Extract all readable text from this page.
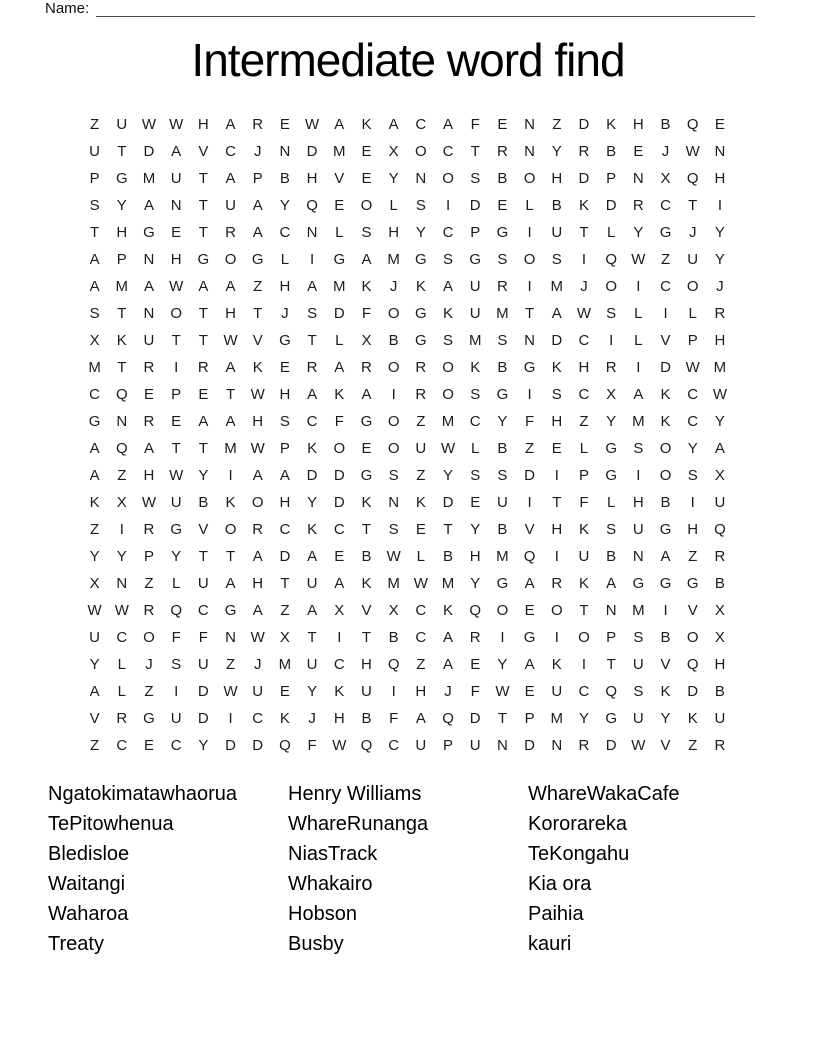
Name:
Intermediate word find
Z	U W W H	A	R	E	W	A	K	A	C	A	F	E	N	Z	D	K	H	B	Q	E
U	T	D	A	V	C	J	N	D	M	E	X	O	C	T	R	N	Y	R	B	E	J	W N
P	G	M	U	T	A	P	B	H	V	E	Y	N	O	S	B	O	H	D	P	N	X	Q	H
S	Y	A	N	T	U	A	Y	Q	E	O	L	S	I	D	E	L	B	K	D	R	C	T	I
T	H	G	E	T	R	A	C	N	L	S	H	Y	C	P	G	I	U	T	L	Y	G	J	Y
A	P	N	H	G	O	G	L	I	G	A	M	G	S	G	S	O	S	I	Q W	Z	U	Y
A	M	A	W	A	A	Z	H	A	M	K	J	K	A	U	R	I	M	J	O	I	C	O	J
S	T	N	O	T	H	T	J	S	D	F	O	G	K	U	M	T	A	W	S	L	I	L	R
X	K	U	T	T	W	V	G	T	L	X	B	G	S	M	S	N	D	C	I	L	V	P	H
M	T	R	I	R	A	K	E	R	A	R	O	R	O	K	B	G	K	H	R	I	D W M
C	Q	E	P	E	T	W H	A	K	A	I	R	O	S	G	I	S	C	X	A	K	C W
G	N	R	E	A	A	H	S	C	F	G	O	Z	M	C	Y	F	H	Z	Y	M	K	C	Y
A	Q	A	T	T	M W	P	K	O	E	O	U W	L	B	Z	E	L	G	S	O	Y	A
A	Z	H W	Y	I	A	A	D	D	G	S	Z	Y	S	S	D	I	P	G	I	O	S	X
K	X	W U	B	K	O	H	Y	D	K	N	K	D	E	U	I	T	F	L	H	B	I	U
Z	I	R	G	V	O	R	C	K	C	T	S	E	T	Y	B	V	H	K	S	U	G	H	Q
Y	Y	P	Y	T	T	A	D	A	E	B	W	L	B	H	M	Q	I	U	B	N	A	Z	R
X	N	Z	L	U	A	H	T	U	A	K	M W M	Y	G	A	R	K	A	G	G	G	B
W W R	Q	C	G	A	Z	A	X	V	X	C	K	Q	O	E	O	T	N	M	I	V	X
U	C	O	F	F	N W	X	T	I	T	B	C	A	R	I	G	I	O	P	S	B	O	X
Y	L	J	S	U	Z	J	M	U	C	H	Q	Z	A	E	Y	A	K	I	T	U	V	Q	H
A	L	Z	I	D W U	E	Y	K	U	I	H	J	F	W	E	U	C	Q	S	K	D	B
V	R	G	U	D	I	C	K	J	H	B	F	A	Q	D	T	P	M	Y	G	U	Y	K	U
Z	C	E	C	Y	D	D	Q	F	W Q	C	U	P	U	N	D	N	R	D W	V	Z	R
Ngatokimatawhaorua
TePitowhenua
Bledisloe
Waitangi
Waharoa
Treaty
Henry Williams
WhareRunanga
NiasTrack
Whakairo
Hobson
Busby
WhareWakaCafe
Kororareka
TeKongahu
Kia ora
Paihia
kauri
